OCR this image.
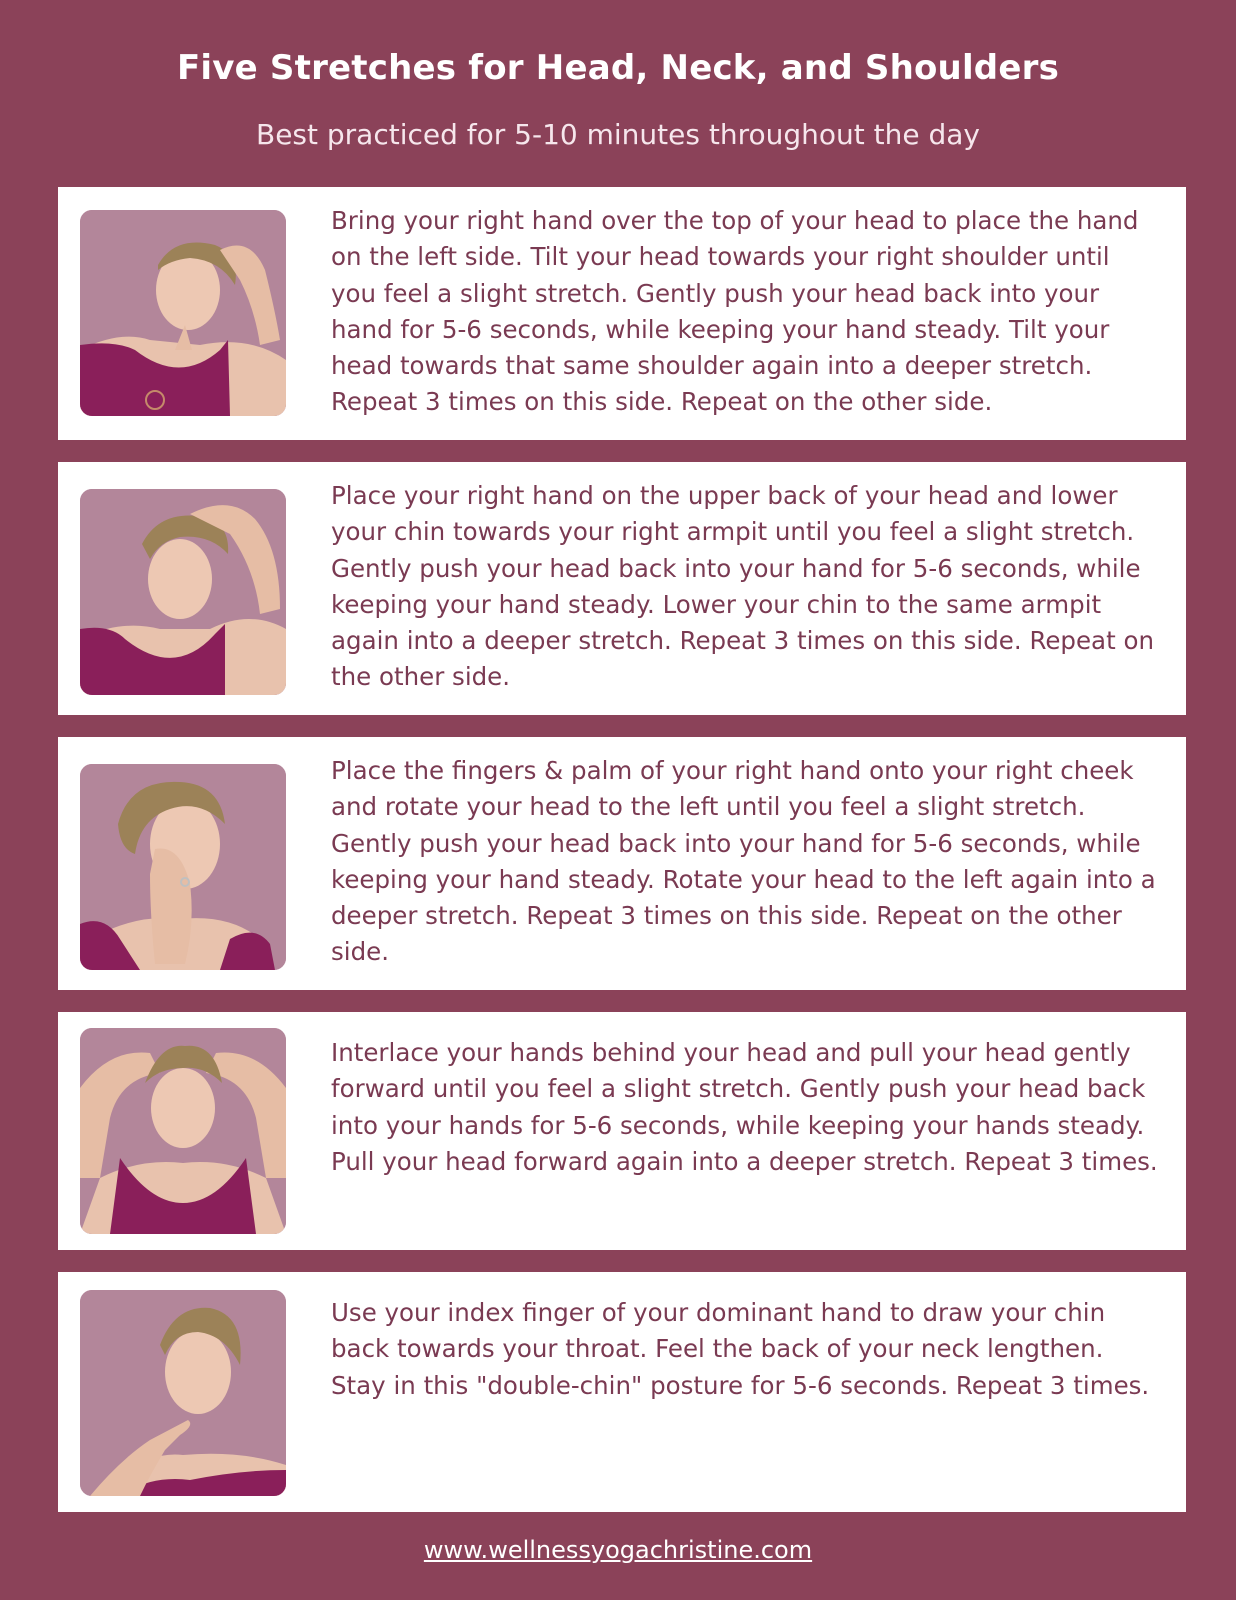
Five Stretches for Head, Neck, and Shoulders
Best practiced for 5-10 minutes throughout the day
Bring your right hand over the top of your head to place the hand on the left side. Tilt your head towards your right shoulder until you feel a slight stretch. Gently push your head back into your hand for 5-6 seconds, while keeping your hand steady. Tilt your head towards that same shoulder again into a deeper stretch. Repeat 3 times on this side. Repeat on the other side.
Place your right hand on the upper back of your head and lower your chin towards your right armpit until you feel a slight stretch. Gently push your head back into your hand for 5-6 seconds, while keeping your hand steady. Lower your chin to the same armpit again into a deeper stretch. Repeat 3 times on this side. Repeat on the other side.
Place the fingers & palm of your right hand onto your right cheek and rotate your head to the left until you feel a slight stretch. Gently push your head back into your hand for 5-6 seconds, while keeping your hand steady. Rotate your head to the left again into a deeper stretch. Repeat 3 times on this side. Repeat on the other side.
Interlace your hands behind your head and pull your head gently forward until you feel a slight stretch. Gently push your head back into your hands for 5-6 seconds, while keeping your hands steady. Pull your head forward again into a deeper stretch. Repeat 3 times.
Use your index finger of your dominant hand to draw your chin back towards your throat. Feel the back of your neck lengthen. Stay in this "double-chin" posture for 5-6 seconds. Repeat 3 times.
www.wellnessyogachristine.com
